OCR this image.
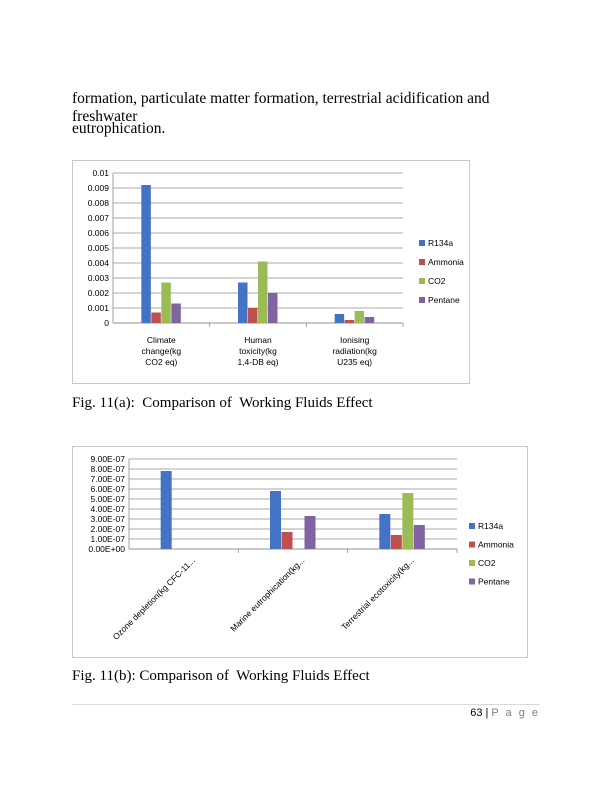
formation, particulate matter formation, terrestrial acidification and freshwater
eutrophication.
0
0.001
0.002
0.003
0.004
0.005
0.006
0.007
0.008
0.009
0.01
Climate
change(kg
CO2 eq)
Human
toxicity(kg
1,4-DB eq)
Ionising
radiation(kg
U235 eq)
R134a
Ammonia
CO2
Pentane
Fig. 11(a):  Comparison of  Working Fluids Effect
0.00E+00
1.00E-07
2.00E-07
3.00E-07
4.00E-07
5.00E-07
6.00E-07
7.00E-07
8.00E-07
9.00E-07
Ozone depletion(kg CFC-11...	Marine eutrophication(kg...	Terrestrial ecotoxicity(kg...
R134a
Ammonia
CO2
Pentane
Fig. 11(b): Comparison of  Working Fluids Effect
63 | P a g e
